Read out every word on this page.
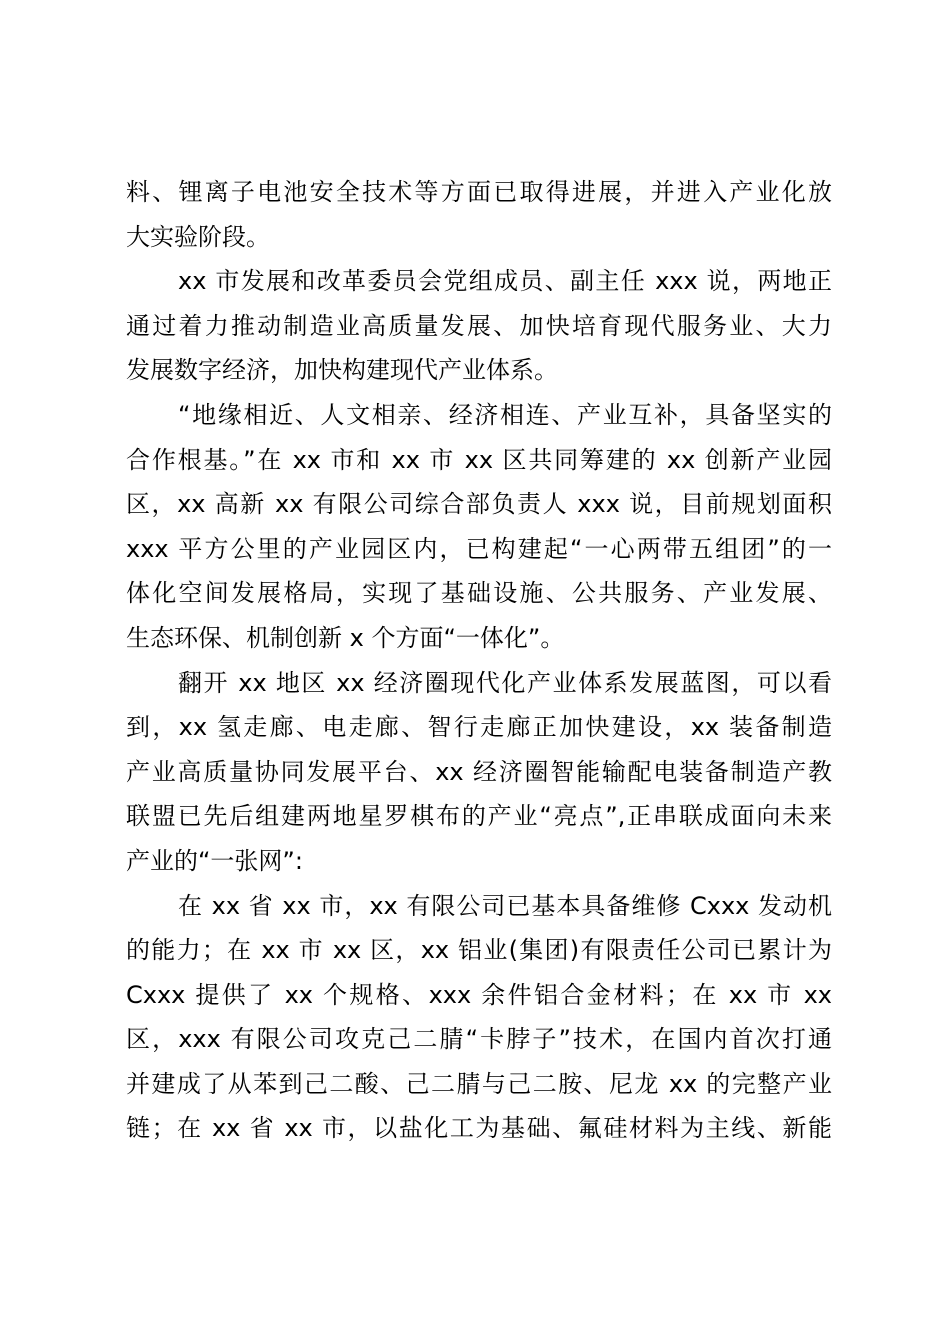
料、锂离子电池安全技术等方面已取得进展，并进入产业化放
大实验阶段。
xx 市发展和改革委员会党组成员、副主任 xxx 说，两地正
通过着力推动制造业高质量发展、加快培育现代服务业、大力
发展数字经济，加快构建现代产业体系。
“地缘相近、人文相亲、经济相连、产业互补，具备坚实的
合作根基。”在 xx 市和 xx 市 xx 区共同筹建的 xx 创新产业园
区，xx 高新 xx 有限公司综合部负责人 xxx 说，目前规划面积
xxx 平方公里的产业园区内，已构建起“一心两带五组团”的一
体化空间发展格局，实现了基础设施、公共服务、产业发展、
生态环保、机制创新 x 个方面“一体化”。
翻开 xx 地区 xx 经济圈现代化产业体系发展蓝图，可以看
到，xx 氢走廊、电走廊、智行走廊正加快建设，xx 装备制造
产业高质量协同发展平台、xx 经济圈智能输配电装备制造产教
联盟已先后组建两地星罗棋布的产业“亮点”,正串联成面向未来
产业的“一张网”:
在 xx 省 xx 市，xx 有限公司已基本具备维修 Cxxx 发动机
的能力；在 xx 市 xx 区，xx 铝业(集团)有限责任公司已累计为
Cxxx 提供了 xx 个规格、xxx 余件铝合金材料；在 xx 市 xx
区，xxx 有限公司攻克己二腈“卡脖子”技术，在国内首次打通
并建成了从苯到己二酸、己二腈与己二胺、尼龙 xx 的完整产业
链；在 xx 省 xx 市，以盐化工为基础、氟硅材料为主线、新能
